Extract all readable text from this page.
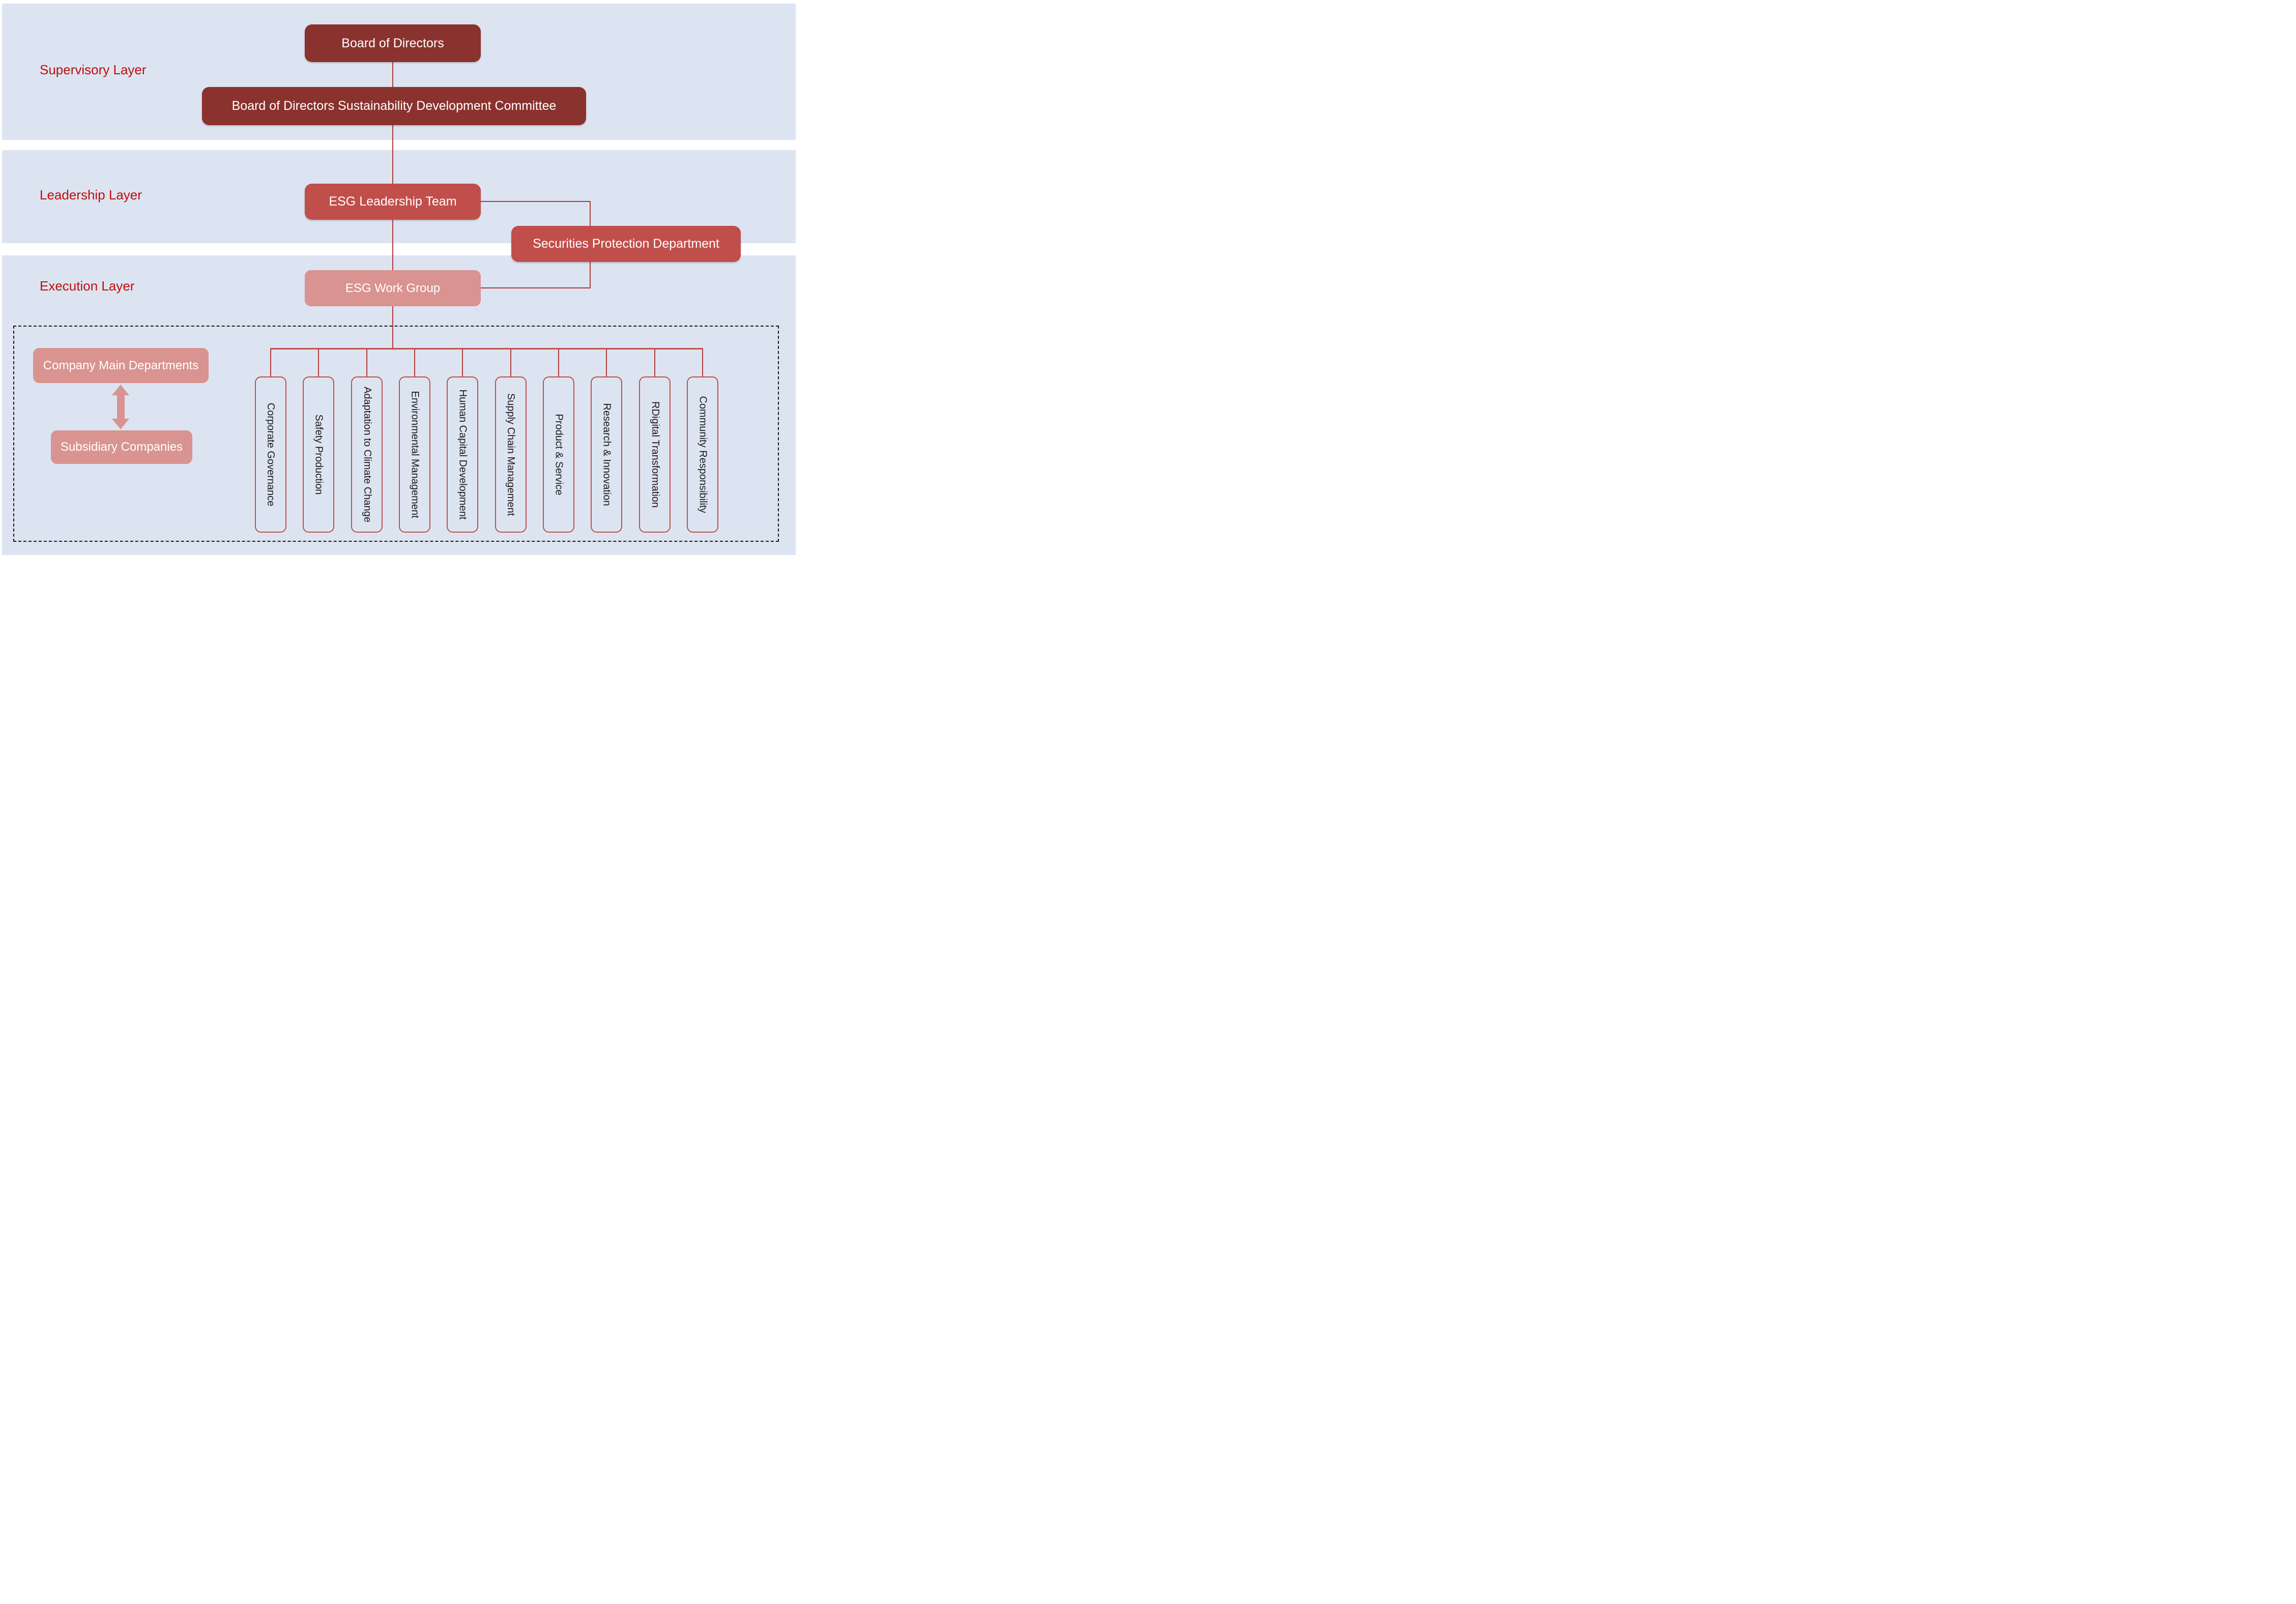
Supervisory Layer
Leadership Layer
Execution Layer
Board of Directors
Board of Directors Sustainability Development Committee
ESG Leadership Team
Securities Protection Department
ESG Work Group
Company Main Departments
Subsidiary Companies	Corporate Governance	Safety Production	Adaptation to Climate Change	Environmental Management	Human Capital Development	Supply Chain Management	Product & Service	Research & Innovation	RDigital Transformation	Community Responsibility
